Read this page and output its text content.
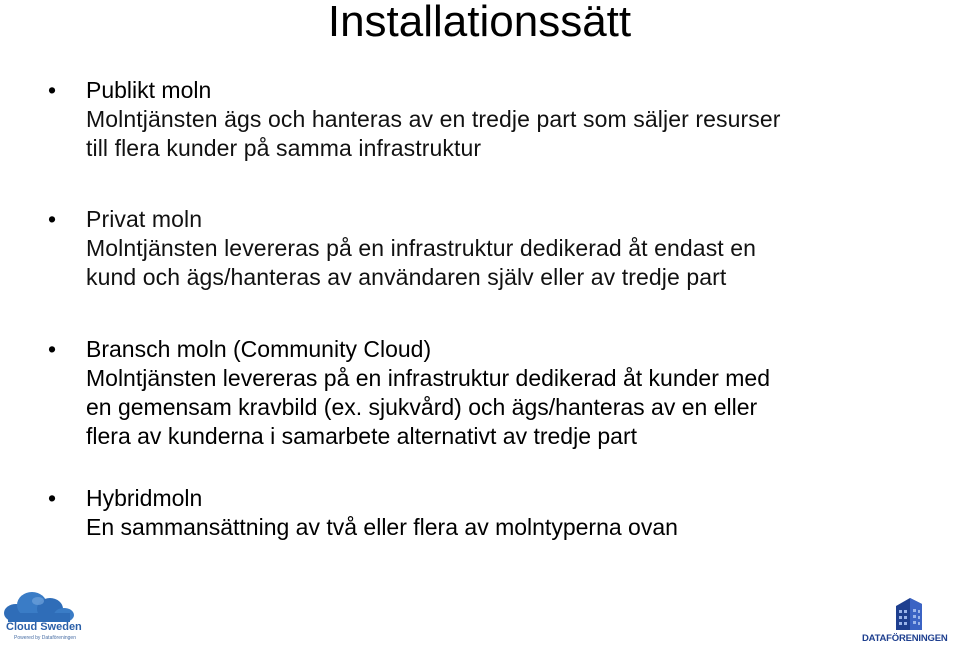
Installationssätt
• Publikt moln
Molntjänsten ägs och hanteras av en tredje part som säljer resurser
till flera kunder på samma infrastruktur
• Privat moln
Molntjänsten levereras på en infrastruktur dedikerad åt endast en
kund och ägs/hanteras av användaren själv eller av tredje part
• Bransch moln (Community Cloud)
Molntjänsten levereras på en infrastruktur dedikerad åt kunder med
en gemensam kravbild (ex. sjukvård) och ägs/hanteras av en eller
flera av kunderna i samarbete alternativt av tredje part
• Hybridmoln
En sammansättning av två eller flera av molntyperna ovan
Cloud Sweden
Powered by Dataföreningen	DATAFÖRENINGEN
